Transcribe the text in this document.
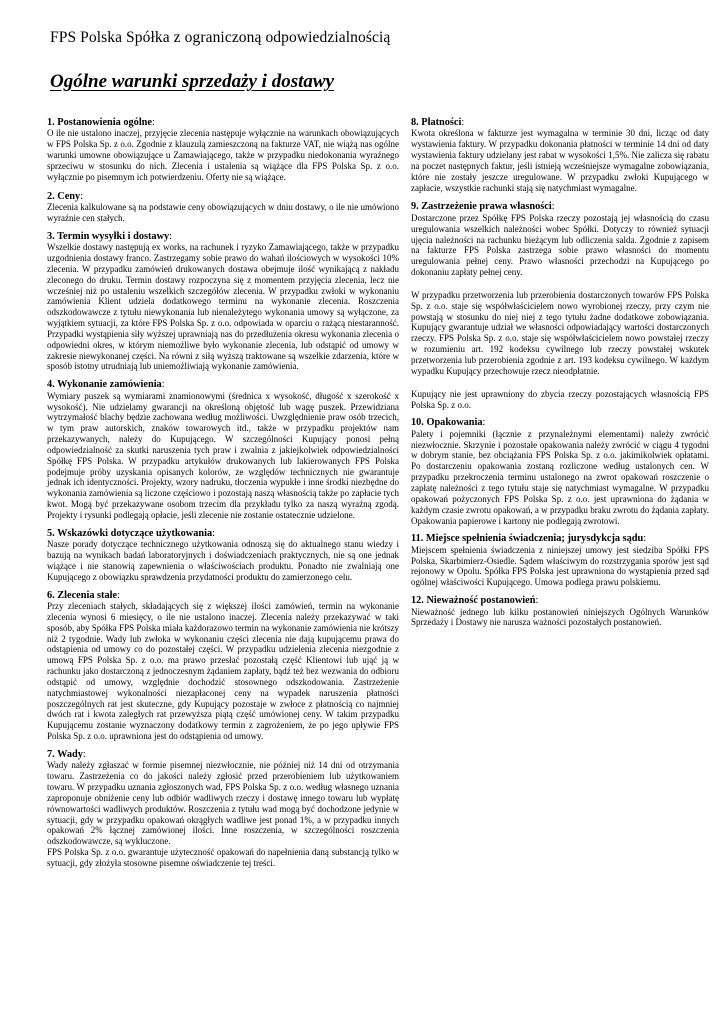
FPS Polska Spółka z ograniczoną odpowiedzialnością
Ogólne warunki sprzedaży i dostawy
1. Postanowienia ogólne:

O ile nie ustalono inaczej, przyjęcie zlecenia następuje wyłącznie na warunkach obowiązujących w FPS Polska Sp. z o.o. Zgodnie z klauzulą zamieszczoną na fakturze VAT, nie wiążą nas ogólne warunki umowne obowiązujące u Zamawiającego, także w przypadku niedokonania wyraźnego sprzeciwu w stosunku do nich. Zlecenia i ustalenia są wiążące dla FPS Polska Sp. z o.o. wyłącznie po pisemnym ich potwierdzeniu. Oferty nie są wiążące.

2. Ceny:

Zlecenia kalkulowane są na podstawie ceny obowiązujących w dniu dostawy, o ile nie umówiono wyraźnie cen stałych.

3. Termin wysyłki i dostawy:

Wszelkie dostawy następują ex works, na rachunek i ryzyko Zamawiającego, także w przypadku uzgodnienia dostawy franco. Zastrzegamy sobie prawo do wahań ilościowych w wysokości 10% zlecenia. W przypadku zamówień drukowanych dostawa obejmuje ilość wynikającą z nakładu zleconego do druku. Termin dostawy rozpoczyna się z momentem przyjęcia zlecenia, lecz nie wcześniej niż po ustaleniu wszelkich szczegółów zlecenia. W przypadku zwłoki w wykonaniu zamówienia Klient udziela dodatkowego terminu na wykonanie zlecenia. Roszczenia odszkodowawcze z tytułu niewykonania lub nienależytego wykonania umowy są wyłączone, za wyjątkiem sytuacji, za które FPS Polska Sp. z o.o. odpowiada w oparciu o rażącą niestaranność. Przypadki wystąpienia siły wyższej uprawniają nas do przedłużenia okresu wykonania zlecenia o odpowiedni okres, w którym niemożliwe było wykonanie zlecenia, lub odstąpić od umowy w zakresie niewykonanej części. Na równi z siłą wyższą traktowane są wszelkie zdarzenia, które w sposób istotny utrudniają lub uniemożliwiają wykonanie zamówienia.

4. Wykonanie zamówienia:

Wymiary puszek są wymiarami znamionowymi (średnica x wysokość, długość x szerokość x wysokość). Nie udzielamy gwarancji na określoną objętość lub wagę puszek. Przewidziana wytrzymałość blachy będzie zachowana według możliwości. Uwzględnienie praw osób trzecich, w tym praw autorskich, znaków towarowych itd., także w przypadku projektów nam przekazywanych, należy do Kupującego. W szczególności Kupujący ponosi pełną odpowiedzialność za skutki naruszenia tych praw i zwalnia z jakiejkolwiek odpowiedzialności Spółkę FPS Polska. W przypadku artykułów drukowanych lub lakierowanych FPS Polska podejmuje próby uzyskania opisanych kolorów, ze względów technicznych nie gwarantuje jednak ich identyczności. Projekty, wzory nadruku, tłoczenia wypukłe i inne środki niezbędne do wykonania zamówienia są liczone częściowo i pozostają naszą własnością także po zapłacie tych kwot. Mogą być przekazywane osobom trzecim dla przykładu tylko za naszą wyraźną zgodą. Projekty i rysunki podlegają opłacie, jeśli zlecenie nie zostanie ostatecznie udzielone.

5. Wskazówki dotyczące użytkowania:

Nasze porady dotyczące technicznego użytkowania odnoszą się do aktualnego stanu wiedzy i bazują na wynikach badań laboratoryjnych i doświadczeniach praktycznych, nie są one jednak wiążące i nie stanowią zapewnienia o właściwościach produktu. Ponadto nie zwalniają one Kupującego z obowiązku sprawdzenia przydatności produktu do zamierzonego celu.

6. Zlecenia stałe:

Przy zleceniach stałych, składających się z większej ilości zamówień, termin na wykonanie zlecenia wynosi 6 miesięcy, o ile nie ustalono inaczej. Zlecenia należy przekazywać w taki sposób, aby Spółka FPS Polska miała każdorazowo termin na wykonanie zamówienia nie krótszy niż 2 tygodnie. Wady lub zwłoka w wykonaniu części zlecenia nie dają kupującemu prawa do odstąpienia od umowy co do pozostałej części. W przypadku udzielenia zlecenia niezgodnie z umową FPS Polska Sp. z o.o. ma prawo przesłać pozostałą część Klientowi lub ująć ją w rachunku jako dostarczoną z jednoczesnym żądaniem zapłaty, bądź też bez wezwania do odbioru odstąpić od umowy, względnie dochodzić stosownego odszkodowania. Zastrzeżenie natychmiastowej wykonalności niezapłaconej ceny na wypadek naruszenia płatności poszczególnych rat jest skuteczne, gdy Kupujący pozostaje w zwłoce z płatnością co najmniej dwóch rat i kwota zaległych rat przewyższa piątą część umówionej ceny. W takim przypadku Kupującemu zostanie wyznaczony dodatkowy termin z zagrożeniem, że po jego upływie FPS Polska Sp. z o.o. uprawniona jest do odstąpienia od umowy.

7. Wady:

Wady należy zgłaszać w formie pisemnej niezwłocznie, nie później niż 14 dni od otrzymania towaru. Zastrzeżenia co do jakości należy zgłosić przed przerobieniem lub użytkowaniem towaru. W przypadku uznania zgłoszonych wad, FPS Polska Sp. z o.o. według własnego uznania zaproponuje obniżenie ceny lub odbiór wadliwych rzeczy i dostawę innego towaru lub wypłatę równowartości wadliwych produktów. Roszczenia z tytułu wad mogą być dochodzone jedynie w sytuacji, gdy w przypadku opakowań okrągłych wadliwe jest ponad 1%, a w przypadku innych opakowań 2% łącznej zamówionej ilości. Inne roszczenia, w szczególności roszczenia odszkodowawcze, są wykluczone.

FPS Polska Sp. z o.o. gwarantuje użyteczność opakowań do napełnienia daną substancją tylko w sytuacji, gdy złożyła stosowne pisemne oświadczenie tej treści.

8. Płatności:

Kwota określona w fakturze jest wymagalna w terminie 30 dni, licząc od daty wystawienia faktury. W przypadku dokonania płatności w terminie 14 dni od daty wystawienia faktury udzielany jest rabat w wysokości 1,5%. Nie zalicza się rabatu na poczet następnych faktur, jeśli istnieją wcześniejsze wymagalne zobowiązania, które nie zostały jeszcze uregulowane. W przypadku zwłoki Kupującego w zapłacie, wszystkie rachunki stają się natychmiast wymagalne.

9. Zastrzeżenie prawa własności:

Dostarczone przez Spółkę FPS Polska rzeczy pozostają jej własnością do czasu uregulowania wszelkich należności wobec Spółki. Dotyczy to również sytuacji ujęcia należności na rachunku bieżącym lub odliczenia salda. Zgodnie z zapisem na fakturze FPS Polska zastrzega sobie prawo własności do momentu uregulowania pełnej ceny. Prawo własności przechodzi na Kupującego po dokonaniu zapłaty pełnej ceny.

W przypadku przetworzenia lub przerobienia dostarczonych towarów FPS Polska Sp. z o.o. staje się współwłaścicielem nowo wyrobionej rzeczy, przy czym nie powstają w stosunku do niej niej z tego tytułu żadne dodatkowe zobowiązania. Kupujący gwarantuje udział we własności odpowiadający wartości dostarczonych rzeczy. FPS Polska Sp. z o.o. staje się współwłaścicielem nowo powstałej rzeczy w rozumieniu art. 192 kodeksu cywilnego lub rzeczy powstałej wskutek przetworzenia lub przerobienia zgodnie z art. 193 kodeksu cywilnego. W każdym wypadku Kupujący przechowuje rzecz nieodpłatnie.

Kupujący nie jest uprawniony do zbycia rzeczy pozostających własnością FPS Polska Sp. z o.o.

10. Opakowania:

Palety i pojemniki (łącznie z przynależnymi elementami) należy zwrócić niezwłocznie. Skrzynie i pozostałe opakowania należy zwrócić w ciągu 4 tygodni w dobrym stanie, bez obciążania FPS Polska Sp. z o.o. jakimikolwiek opłatami. Po dostarczeniu opakowania zostaną rozliczone według ustalonych cen. W przypadku przekroczenia terminu ustalonego na zwrot opakowań roszczenie o zapłatę należności z tego tytułu staje się natychmiast wymagalne. W przypadku opakowań pożyczonych FPS Polska Sp. z o.o. jest uprawniona do żądania w każdym czasie zwrotu opakowań, a w przypadku braku zwrotu do żądania zapłaty. Opakowania papierowe i kartony nie podlegają zwrotowi.

11. Miejsce spełnienia świadczenia; jurysdykcja sądu:

Miejscem spełnienia świadczenia z niniejszej umowy jest siedziba Spółki FPS Polska, Skarbimierz-Osiedle. Sądem właściwym do rozstrzygania sporów jest sąd rejonowy w Opolu. Spółka FPS Polska jest uprawniona do wystąpienia przed sąd ogólnej właściwości Kupującego. Umowa podlega prawu polskiemu.

12. Nieważność postanowień:

Nieważność jednego lub kilku postanowień niniejszych Ogólnych Warunków Sprzedaży i Dostawy nie narusza ważności pozostałych postanowień.
